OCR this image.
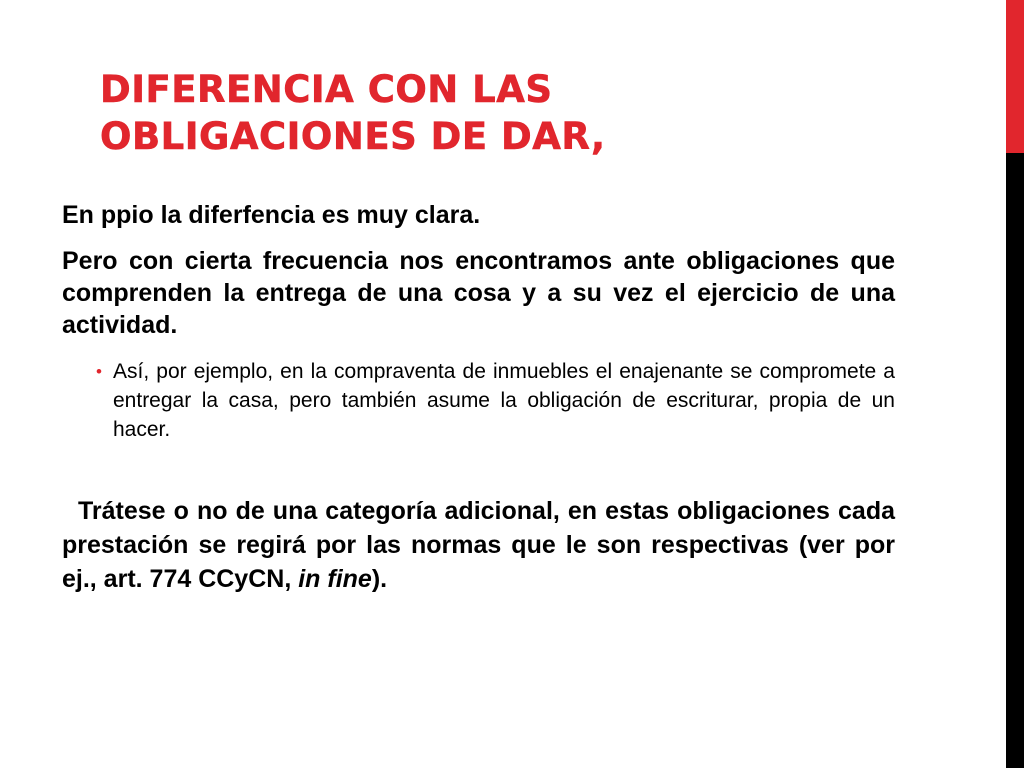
DIFERENCIA CON LAS
OBLIGACIONES DE DAR,

En ppio la diferfencia es muy clara.

Pero con cierta frecuencia nos encontramos ante obligaciones que comprenden la entrega de una cosa y a su vez el ejercicio de una actividad.

• Así, por ejemplo, en la compraventa de inmuebles el enajenante se compromete a entregar la casa, pero también asume la obligación de escriturar, propia de un hacer.

Trátese o no de una categoría adicional, en estas obligaciones cada prestación se regirá por las normas que le son respectivas (ver por ej., art. 774 CCyCN, in fine).
